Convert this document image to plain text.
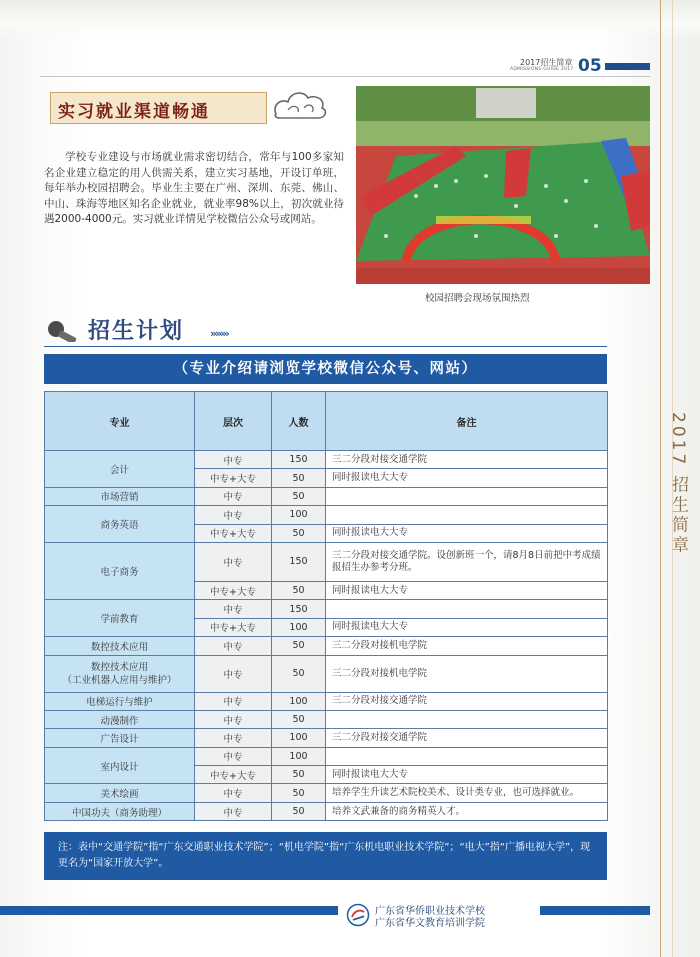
2017招生简章
ADMISSIONS GUIDE 2017 05
实习就业渠道畅通
学校专业建设与市场就业需求密切结合，常年与100多家知名企业建立稳定的用人供需关系，建立实习基地，开设订单班，每年举办校园招聘会。毕业生主要在广州、深圳、东莞、佛山、中山、珠海等地区知名企业就业，就业率98%以上，初次就业待遇2000-4000元。实习就业详情见学校微信公众号或网站。
校园招聘会现场氛围热烈
招生计划 ›››››››
（专业介绍请浏览学校微信公众号、网站）
专业	层次	人数	备注
会计	中专	150	三二分段对接交通学院
	中专+大专	50	同时报读电大大专
市场营销	中专	50	
商务英语	中专	100	
	中专+大专	50	同时报读电大大专
电子商务	中专	150	三二分段对接交通学院。设创新班一个，请8月8日前把中考成绩报招生办参考分班。
	中专+大专	50	同时报读电大大专
学前教育	中专	150	
	中专+大专	100	同时报读电大大专
数控技术应用	中专	50	三二分段对接机电学院

数控技术应用
（工业机器人应用与维护）	中专	50	三二分段对接机电学院
电梯运行与维护	中专	100	三二分段对接交通学院
动漫制作	中专	50	
广告设计	中专	100	三二分段对接交通学院
室内设计	中专	100	
	中专+大专	50	同时报读电大大专
美术绘画	中专	50	培养学生升读艺术院校美术、设计类专业，也可选择就业。
中国功夫（商务助理）	中专	50	培养文武兼备的商务精英人才。
注：表中“交通学院”指“广东交通职业技术学院”；“机电学院”指“广东机电职业技术学院”；“电大”指“广播电视大学”，现更名为“国家开放大学”。
广东省华侨职业技术学校
广东省华文教育培训学院
2017 招生简章
